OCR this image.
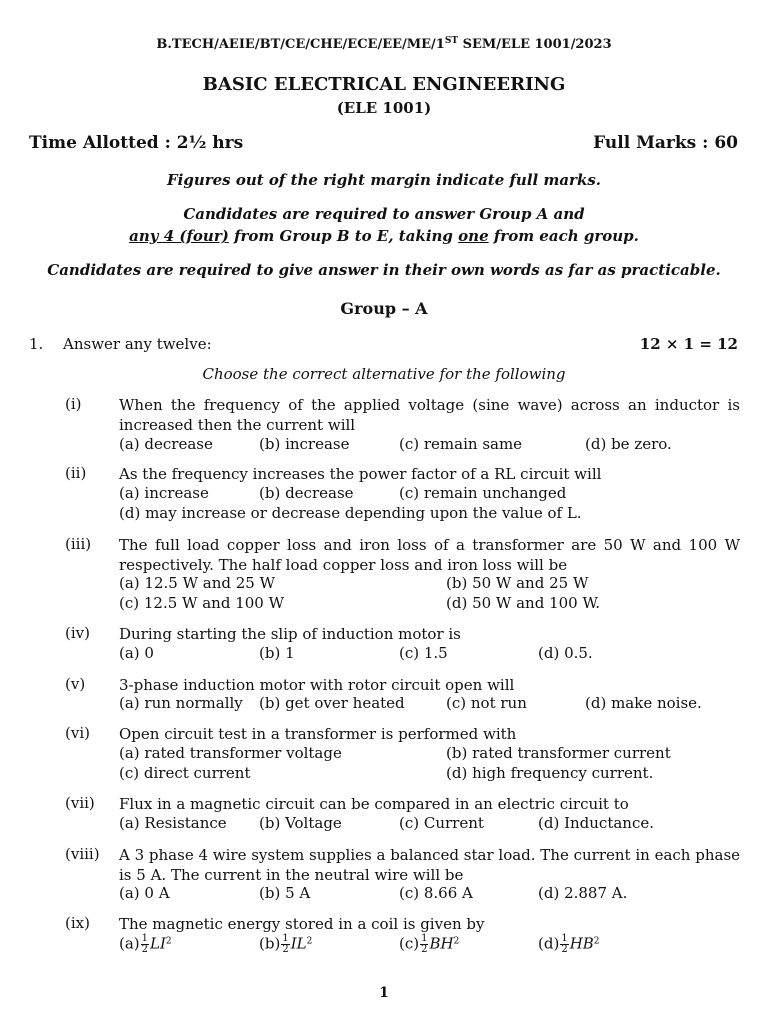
B.TECH/AEIE/BT/CE/CHE/ECE/EE/ME/1ST SEM/ELE 1001/2023
BASIC ELECTRICAL ENGINEERING
(ELE 1001)
Time Allotted : 2½ hrs	Full Marks : 60
Figures out of the right margin indicate full marks.
Candidates are required to answer Group A and
any 4 (four) from Group B to E, taking one from each group.
Candidates are required to give answer in their own words as far as practicable.
Group – A
1. Answer any twelve:	12 × 1 = 12
Choose the correct alternative for the following
(i) When the frequency of the applied voltage (sine wave) across an inductor is increased then the current will
(a) decrease	(b) increase	(c) remain same	(d) be zero.
(ii) As the frequency increases the power factor of a RL circuit will
(a) increase	(b) decrease	(c) remain unchanged
(d) may increase or decrease depending upon the value of L.
(iii) The full load copper loss and iron loss of a transformer are 50 W and 100 W respectively. The half load copper loss and iron loss will be
(a) 12.5 W and 25 W	(b) 50 W and 25 W
(c) 12.5 W and 100 W	(d) 50 W and 100 W.
(iv) During starting the slip of induction motor is
(a) 0	(b) 1	(c) 1.5	(d) 0.5.
(v) 3-phase induction motor with rotor circuit open will
(a) run normally (b) get over heated	(c) not run	(d) make noise.
(vi) Open circuit test in a transformer is performed with
(a) rated transformer voltage	(b) rated transformer current
(c) direct current	(d) high frequency current.
(vii) Flux in a magnetic circuit can be compared in an electric circuit to
(a) Resistance (b) Voltage	(c) Current	(d) Inductance.
(viii) A 3 phase 4 wire system supplies a balanced star load. The current in each phase is 5 A. The current in the neutral wire will be
(a) 0 A	(b) 5 A	(c) 8.66 A	(d) 2.887 A.
(ix) The magnetic energy stored in a coil is given by
$(a) \frac{1}{2} LI^2$	$(b) \frac{1}{2} IL^2$	$(c) \frac{1}{2} BH^2$	$(d) \frac{1}{2} HB^2$
1
